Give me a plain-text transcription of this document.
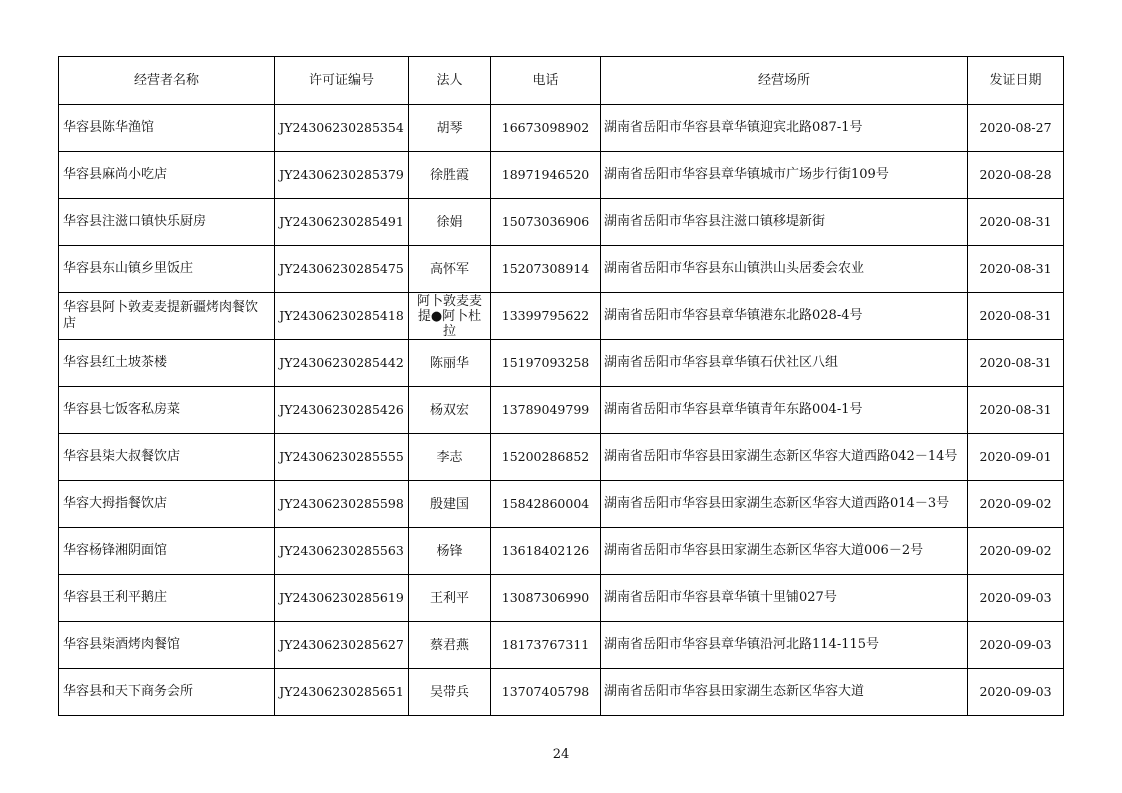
经营者名称	许可证编号	法人	电话	经营场所	发证日期
华容县陈华渔馆	JY24306230285354	胡琴	16673098902	湖南省岳阳市华容县章华镇迎宾北路087-1号	2020-08-27
华容县麻尚小吃店	JY24306230285379	徐胜霞	18971946520	湖南省岳阳市华容县章华镇城市广场步行街109号	2020-08-28
华容县注滋口镇快乐厨房	JY24306230285491	徐娟	15073036906	湖南省岳阳市华容县注滋口镇移堤新街	2020-08-31
华容县东山镇乡里饭庄	JY24306230285475	高怀军	15207308914	湖南省岳阳市华容县东山镇洪山头居委会农业	2020-08-31
华容县阿卜敦麦麦提新疆烤肉餐饮店	JY24306230285418	阿卜敦麦麦提●阿卜杜拉	13399795622	湖南省岳阳市华容县章华镇港东北路028-4号	2020-08-31
华容县红土坡茶楼	JY24306230285442	陈丽华	15197093258	湖南省岳阳市华容县章华镇石伏社区八组	2020-08-31
华容县七饭客私房菜	JY24306230285426	杨双宏	13789049799	湖南省岳阳市华容县章华镇青年东路004-1号	2020-08-31
华容县柒大叔餐饮店	JY24306230285555	李志	15200286852	湖南省岳阳市华容县田家湖生态新区华容大道西路042－14号	2020-09-01
华容大拇指餐饮店	JY24306230285598	殷建国	15842860004	湖南省岳阳市华容县田家湖生态新区华容大道西路014－3号	2020-09-02
华容杨锋湘阴面馆	JY24306230285563	杨锋	13618402126	湖南省岳阳市华容县田家湖生态新区华容大道006－2号	2020-09-02
华容县王利平鹅庄	JY24306230285619	王利平	13087306990	湖南省岳阳市华容县章华镇十里铺027号	2020-09-03
华容县柒酒烤肉餐馆	JY24306230285627	蔡君燕	18173767311	湖南省岳阳市华容县章华镇沿河北路114-115号	2020-09-03
华容县和天下商务会所	JY24306230285651	吴带兵	13707405798	湖南省岳阳市华容县田家湖生态新区华容大道	2020-09-03
24
